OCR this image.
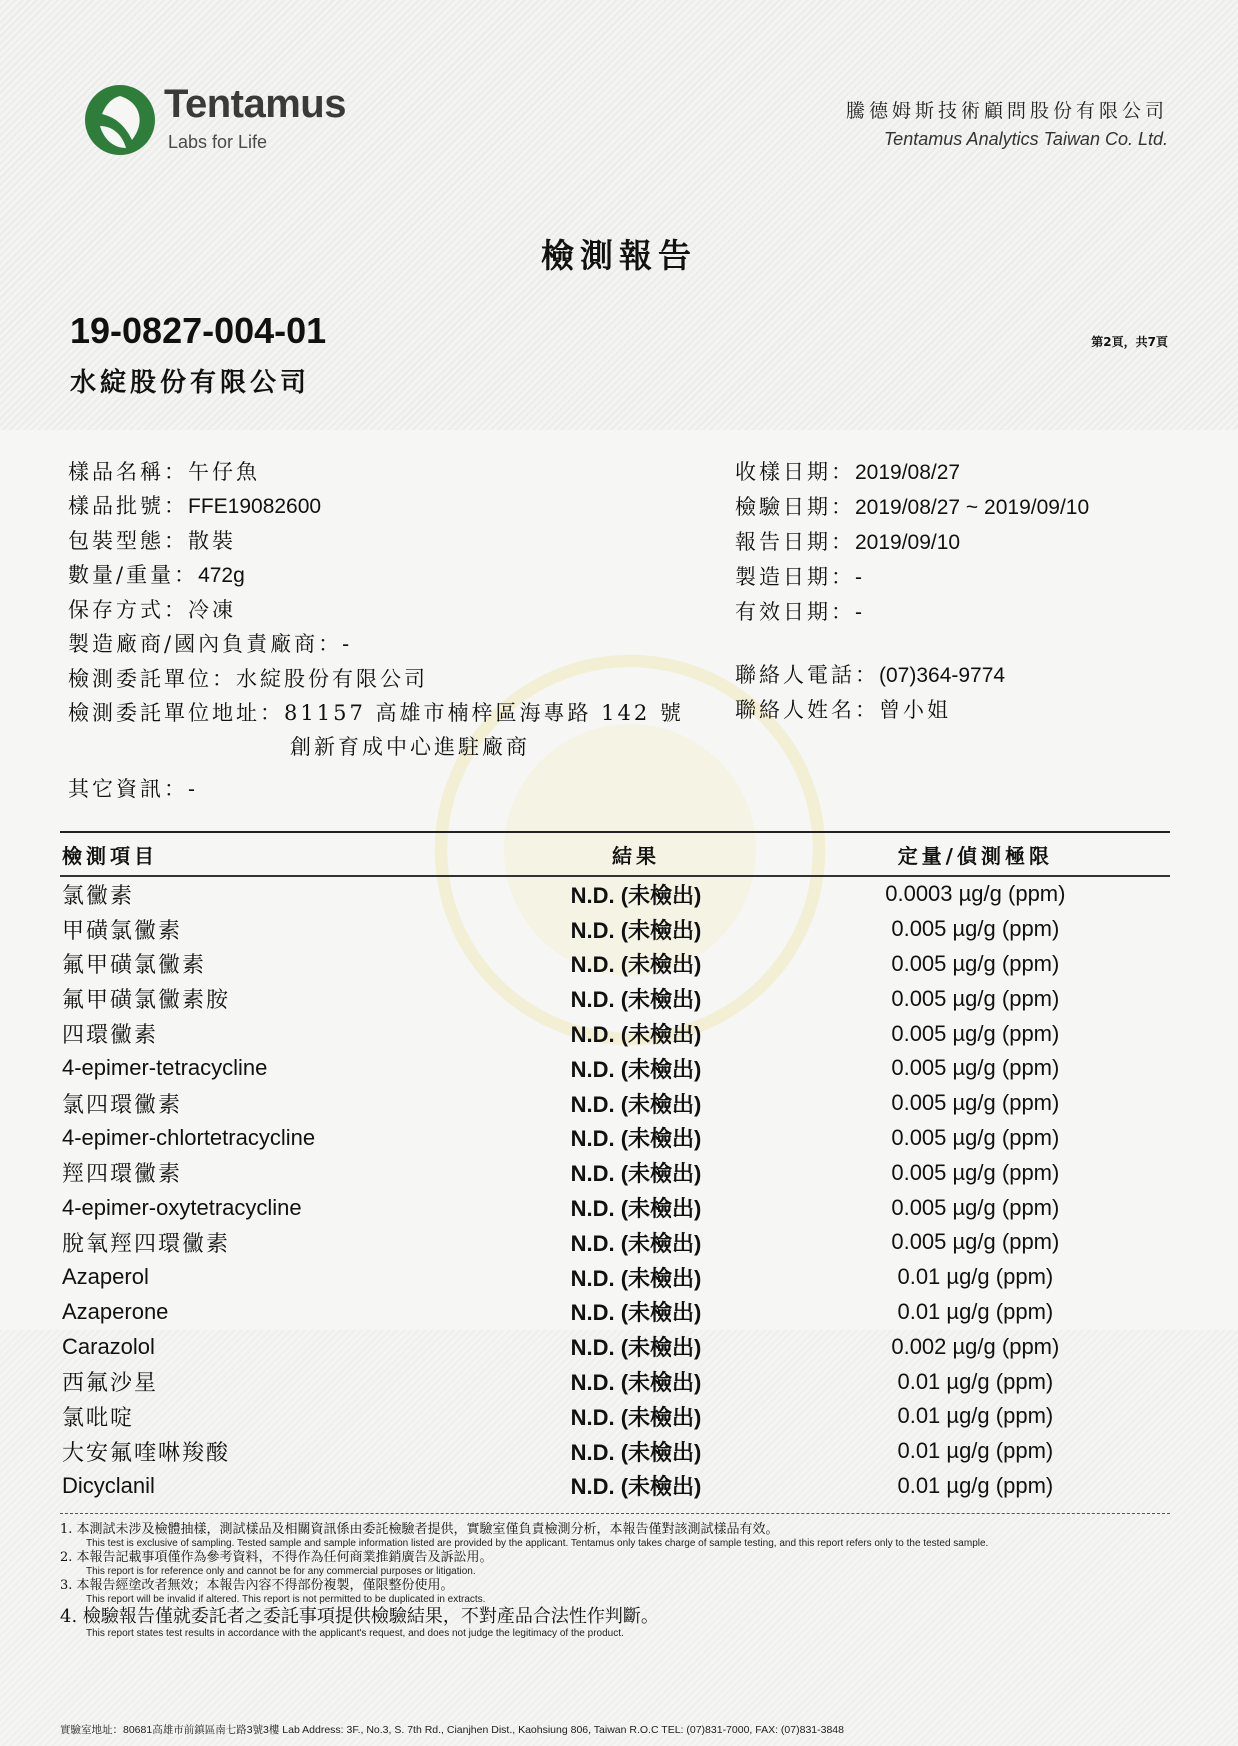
Tentamus
Labs for Life
騰德姆斯技術顧問股份有限公司
Tentamus Analytics Taiwan Co. Ltd.
檢測報告
19-0827-004-01
水綻股份有限公司
第2頁，共7頁
樣品名稱：午仔魚
樣品批號：FFE19082600
包裝型態：散裝
數量/重量：472g
保存方式：冷凍
製造廠商/國內負責廠商：-
檢測委託單位：水綻股份有限公司
檢測委託單位地址：81157 高雄市楠梓區海專路 142 號
創新育成中心進駐廠商
其它資訊：-
收樣日期：2019/08/27
檢驗日期：2019/08/27 ~ 2019/09/10
報告日期：2019/09/10
製造日期：-
有效日期：-
聯絡人電話：(07)364-9774
聯絡人姓名：曾小姐
檢測項目	結果	定量/偵測極限
氯黴素	N.D. (未檢出)	0.0003 µg/g (ppm)
甲磺氯黴素	N.D. (未檢出)	0.005 µg/g (ppm)
氟甲磺氯黴素	N.D. (未檢出)	0.005 µg/g (ppm)
氟甲磺氯黴素胺	N.D. (未檢出)	0.005 µg/g (ppm)
四環黴素	N.D. (未檢出)	0.005 µg/g (ppm)
4-epimer-tetracycline	N.D. (未檢出)	0.005 µg/g (ppm)
氯四環黴素	N.D. (未檢出)	0.005 µg/g (ppm)
4-epimer-chlortetracycline	N.D. (未檢出)	0.005 µg/g (ppm)
羥四環黴素	N.D. (未檢出)	0.005 µg/g (ppm)
4-epimer-oxytetracycline	N.D. (未檢出)	0.005 µg/g (ppm)
脫氧羥四環黴素	N.D. (未檢出)	0.005 µg/g (ppm)
Azaperol	N.D. (未檢出)	0.01 µg/g (ppm)
Azaperone	N.D. (未檢出)	0.01 µg/g (ppm)
Carazolol	N.D. (未檢出)	0.002 µg/g (ppm)
西氟沙星	N.D. (未檢出)	0.01 µg/g (ppm)
氯吡啶	N.D. (未檢出)	0.01 µg/g (ppm)
大安氟喹啉羧酸	N.D. (未檢出)	0.01 µg/g (ppm)
Dicyclanil	N.D. (未檢出)	0.01 µg/g (ppm)
1. 本測試未涉及檢體抽樣，測試樣品及相關資訊係由委託檢驗者提供，實驗室僅負責檢測分析，本報告僅對該測試樣品有效。
This test is exclusive of sampling. Tested sample and sample information listed are provided by the applicant. Tentamus only takes charge of sample testing, and this report refers only to the tested sample.
2. 本報告記載事項僅作為參考資料，不得作為任何商業推銷廣告及訴訟用。
This report is for reference only and cannot be for any commercial purposes or litigation.
3. 本報告經塗改者無效；本報告內容不得部份複製，僅限整份使用。
This report will be invalid if altered. This report is not permitted to be duplicated in extracts.
4. 檢驗報告僅就委託者之委託事項提供檢驗結果，不對產品合法性作判斷。
This report states test results in accordance with the applicant's request, and does not judge the legitimacy of the product.
實驗室地址：80681高雄市前鎮區南七路3號3樓 Lab Address: 3F., No.3, S. 7th Rd., Cianjhen Dist., Kaohsiung 806, Taiwan R.O.C TEL: (07)831-7000, FAX: (07)831-3848
